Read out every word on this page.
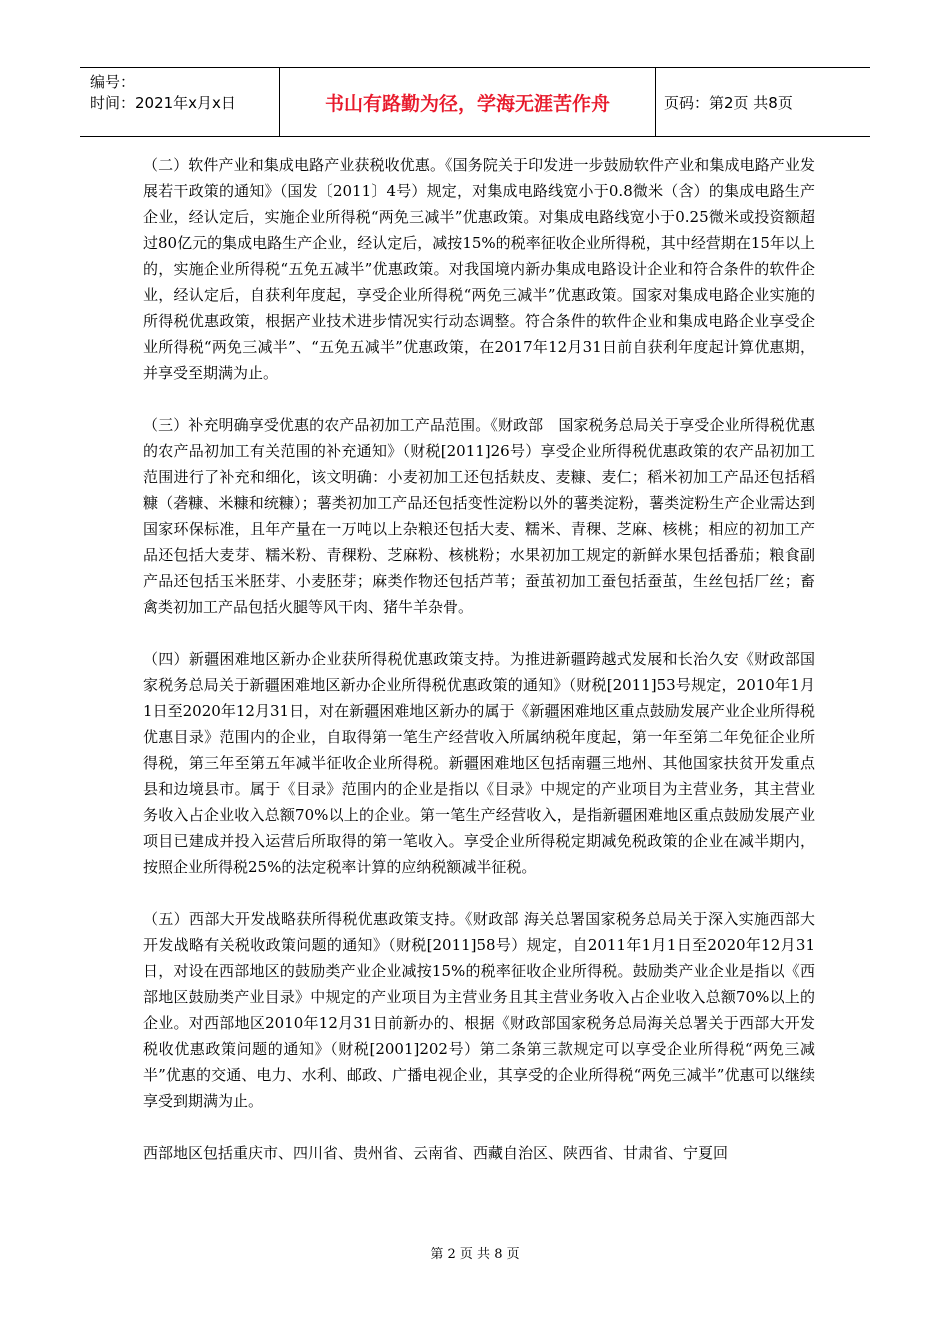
编号：
时间：2021年x月x日	书山有路勤为径，学海无涯苦作舟	页码：第2页 共8页

（二）软件产业和集成电路产业获税收优惠。《国务院关于印发进一步鼓励软件产业和集成电路产业发展若干政策的通知》（国发〔2011〕4号）规定，对集成电路线宽小于0.8微米（含）的集成电路生产企业，经认定后，实施企业所得税“两免三减半”优惠政策。对集成电路线宽小于0.25微米或投资额超过80亿元的集成电路生产企业，经认定后，减按15%的税率征收企业所得税，其中经营期在15年以上的，实施企业所得税“五免五减半”优惠政策。对我国境内新办集成电路设计企业和符合条件的软件企业，经认定后，自获利年度起，享受企业所得税“两免三减半”优惠政策。国家对集成电路企业实施的所得税优惠政策，根据产业技术进步情况实行动态调整。符合条件的软件企业和集成电路企业享受企业所得税“两免三减半”、“五免五减半”优惠政策，在2017年12月31日前自获利年度起计算优惠期，并享受至期满为止。

（三）补充明确享受优惠的农产品初加工产品范围。《财政部　国家税务总局关于享受企业所得税优惠的农产品初加工有关范围的补充通知》（财税[2011]26号）享受企业所得税优惠政策的农产品初加工范围进行了补充和细化，该文明确：小麦初加工还包括麸皮、麦糠、麦仁；稻米初加工产品还包括稻糠（砻糠、米糠和统糠）；薯类初加工产品还包括变性淀粉以外的薯类淀粉，薯类淀粉生产企业需达到国家环保标准，且年产量在一万吨以上杂粮还包括大麦、糯米、青稞、芝麻、核桃；相应的初加工产品还包括大麦芽、糯米粉、青稞粉、芝麻粉、核桃粉；水果初加工规定的新鲜水果包括番茄；粮食副产品还包括玉米胚芽、小麦胚芽；麻类作物还包括芦苇；蚕茧初加工蚕包括蚕茧，生丝包括厂丝；畜禽类初加工产品包括火腿等风干肉、猪牛羊杂骨。

（四）新疆困难地区新办企业获所得税优惠政策支持。为推进新疆跨越式发展和长治久安《财政部国家税务总局关于新疆困难地区新办企业所得税优惠政策的通知》（财税[2011]53号规定，2010年1月1日至2020年12月31日，对在新疆困难地区新办的属于《新疆困难地区重点鼓励发展产业企业所得税优惠目录》范围内的企业，自取得第一笔生产经营收入所属纳税年度起，第一年至第二年免征企业所得税，第三年至第五年减半征收企业所得税。新疆困难地区包括南疆三地州、其他国家扶贫开发重点县和边境县市。属于《目录》范围内的企业是指以《目录》中规定的产业项目为主营业务，其主营业务收入占企业收入总额70%以上的企业。第一笔生产经营收入，是指新疆困难地区重点鼓励发展产业项目已建成并投入运营后所取得的第一笔收入。享受企业所得税定期减免税政策的企业在减半期内，按照企业所得税25%的法定税率计算的应纳税额减半征税。

（五）西部大开发战略获所得税优惠政策支持。《财政部 海关总署国家税务总局关于深入实施西部大开发战略有关税收政策问题的通知》（财税[2011]58号）规定，自2011年1月1日至2020年12月31日，对设在西部地区的鼓励类产业企业减按15%的税率征收企业所得税。鼓励类产业企业是指以《西部地区鼓励类产业目录》中规定的产业项目为主营业务且其主营业务收入占企业收入总额70%以上的企业。对西部地区2010年12月31日前新办的、根据《财政部国家税务总局海关总署关于西部大开发税收优惠政策问题的通知》（财税[2001]202号）第二条第三款规定可以享受企业所得税“两免三减半”优惠的交通、电力、水利、邮政、广播电视企业，其享受的企业所得税“两免三减半”优惠可以继续享受到期满为止。

西部地区包括重庆市、四川省、贵州省、云南省、西藏自治区、陕西省、甘肃省、宁夏回

第 2 页 共 8 页
